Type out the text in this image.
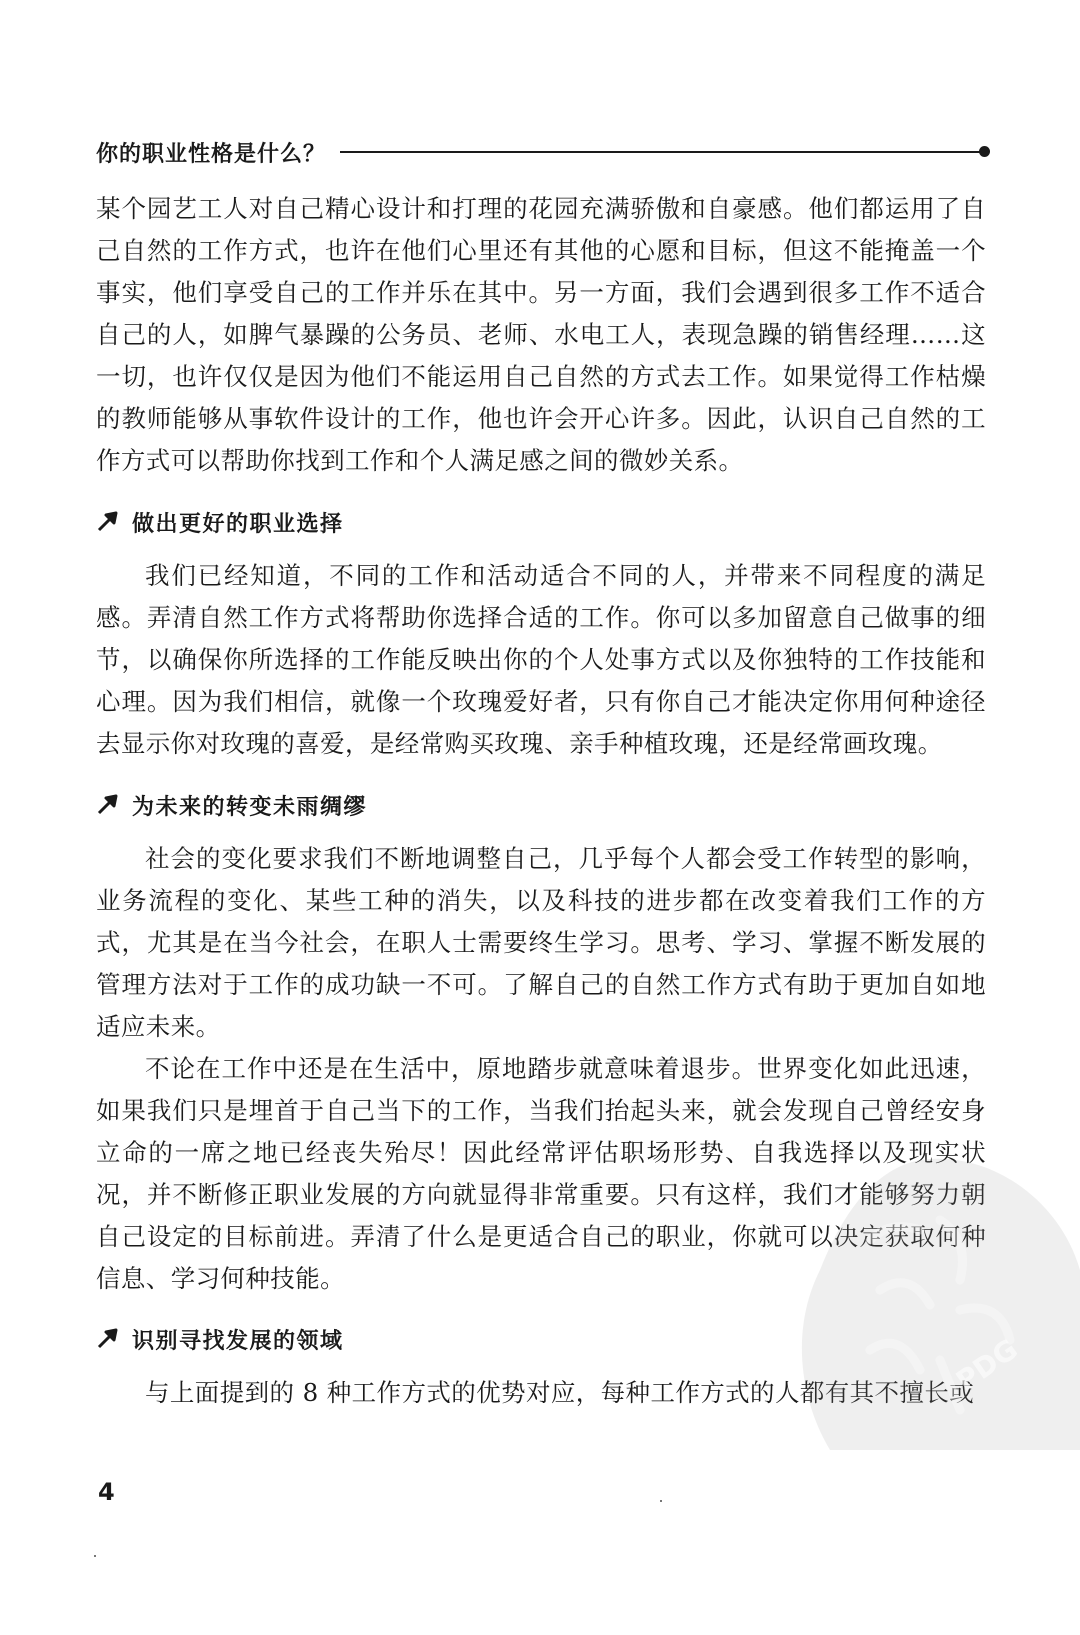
你的职业性格是什么？

某个园艺工人对自己精心设计和打理的花园充满骄傲和自豪感。他们都运用了自己自然的工作方式，也许在他们心里还有其他的心愿和目标，但这不能掩盖一个事实，他们享受自己的工作并乐在其中。另一方面，我们会遇到很多工作不适合自己的人，如脾气暴躁的公务员、老师、水电工人，表现急躁的销售经理……这一切，也许仅仅是因为他们不能运用自己自然的方式去工作。如果觉得工作枯燥的教师能够从事软件设计的工作，他也许会开心许多。因此，认识自己自然的工作方式可以帮助你找到工作和个人满足感之间的微妙关系。

做出更好的职业选择

我们已经知道，不同的工作和活动适合不同的人，并带来不同程度的满足感。弄清自然工作方式将帮助你选择合适的工作。你可以多加留意自己做事的细节，以确保你所选择的工作能反映出你的个人处事方式以及你独特的工作技能和心理。因为我们相信，就像一个玫瑰爱好者，只有你自己才能决定你用何种途径去显示你对玫瑰的喜爱，是经常购买玫瑰、亲手种植玫瑰，还是经常画玫瑰。

为未来的转变未雨绸缪

社会的变化要求我们不断地调整自己，几乎每个人都会受工作转型的影响，业务流程的变化、某些工种的消失，以及科技的进步都在改变着我们工作的方式，尤其是在当今社会，在职人士需要终生学习。思考、学习、掌握不断发展的管理方法对于工作的成功缺一不可。了解自己的自然工作方式有助于更加自如地适应未来。

不论在工作中还是在生活中，原地踏步就意味着退步。世界变化如此迅速，如果我们只是埋首于自己当下的工作，当我们抬起头来，就会发现自己曾经安身立命的一席之地已经丧失殆尽！因此经常评估职场形势、自我选择以及现实状况，并不断修正职业发展的方向就显得非常重要。只有这样，我们才能够努力朝自己设定的目标前进。弄清了什么是更适合自己的职业，你就可以决定获取何种信息、学习何种技能。

识别寻找发展的领域

与上面提到的 8 种工作方式的优势对应，每种工作方式的人都有其不擅长或

4
PDG
